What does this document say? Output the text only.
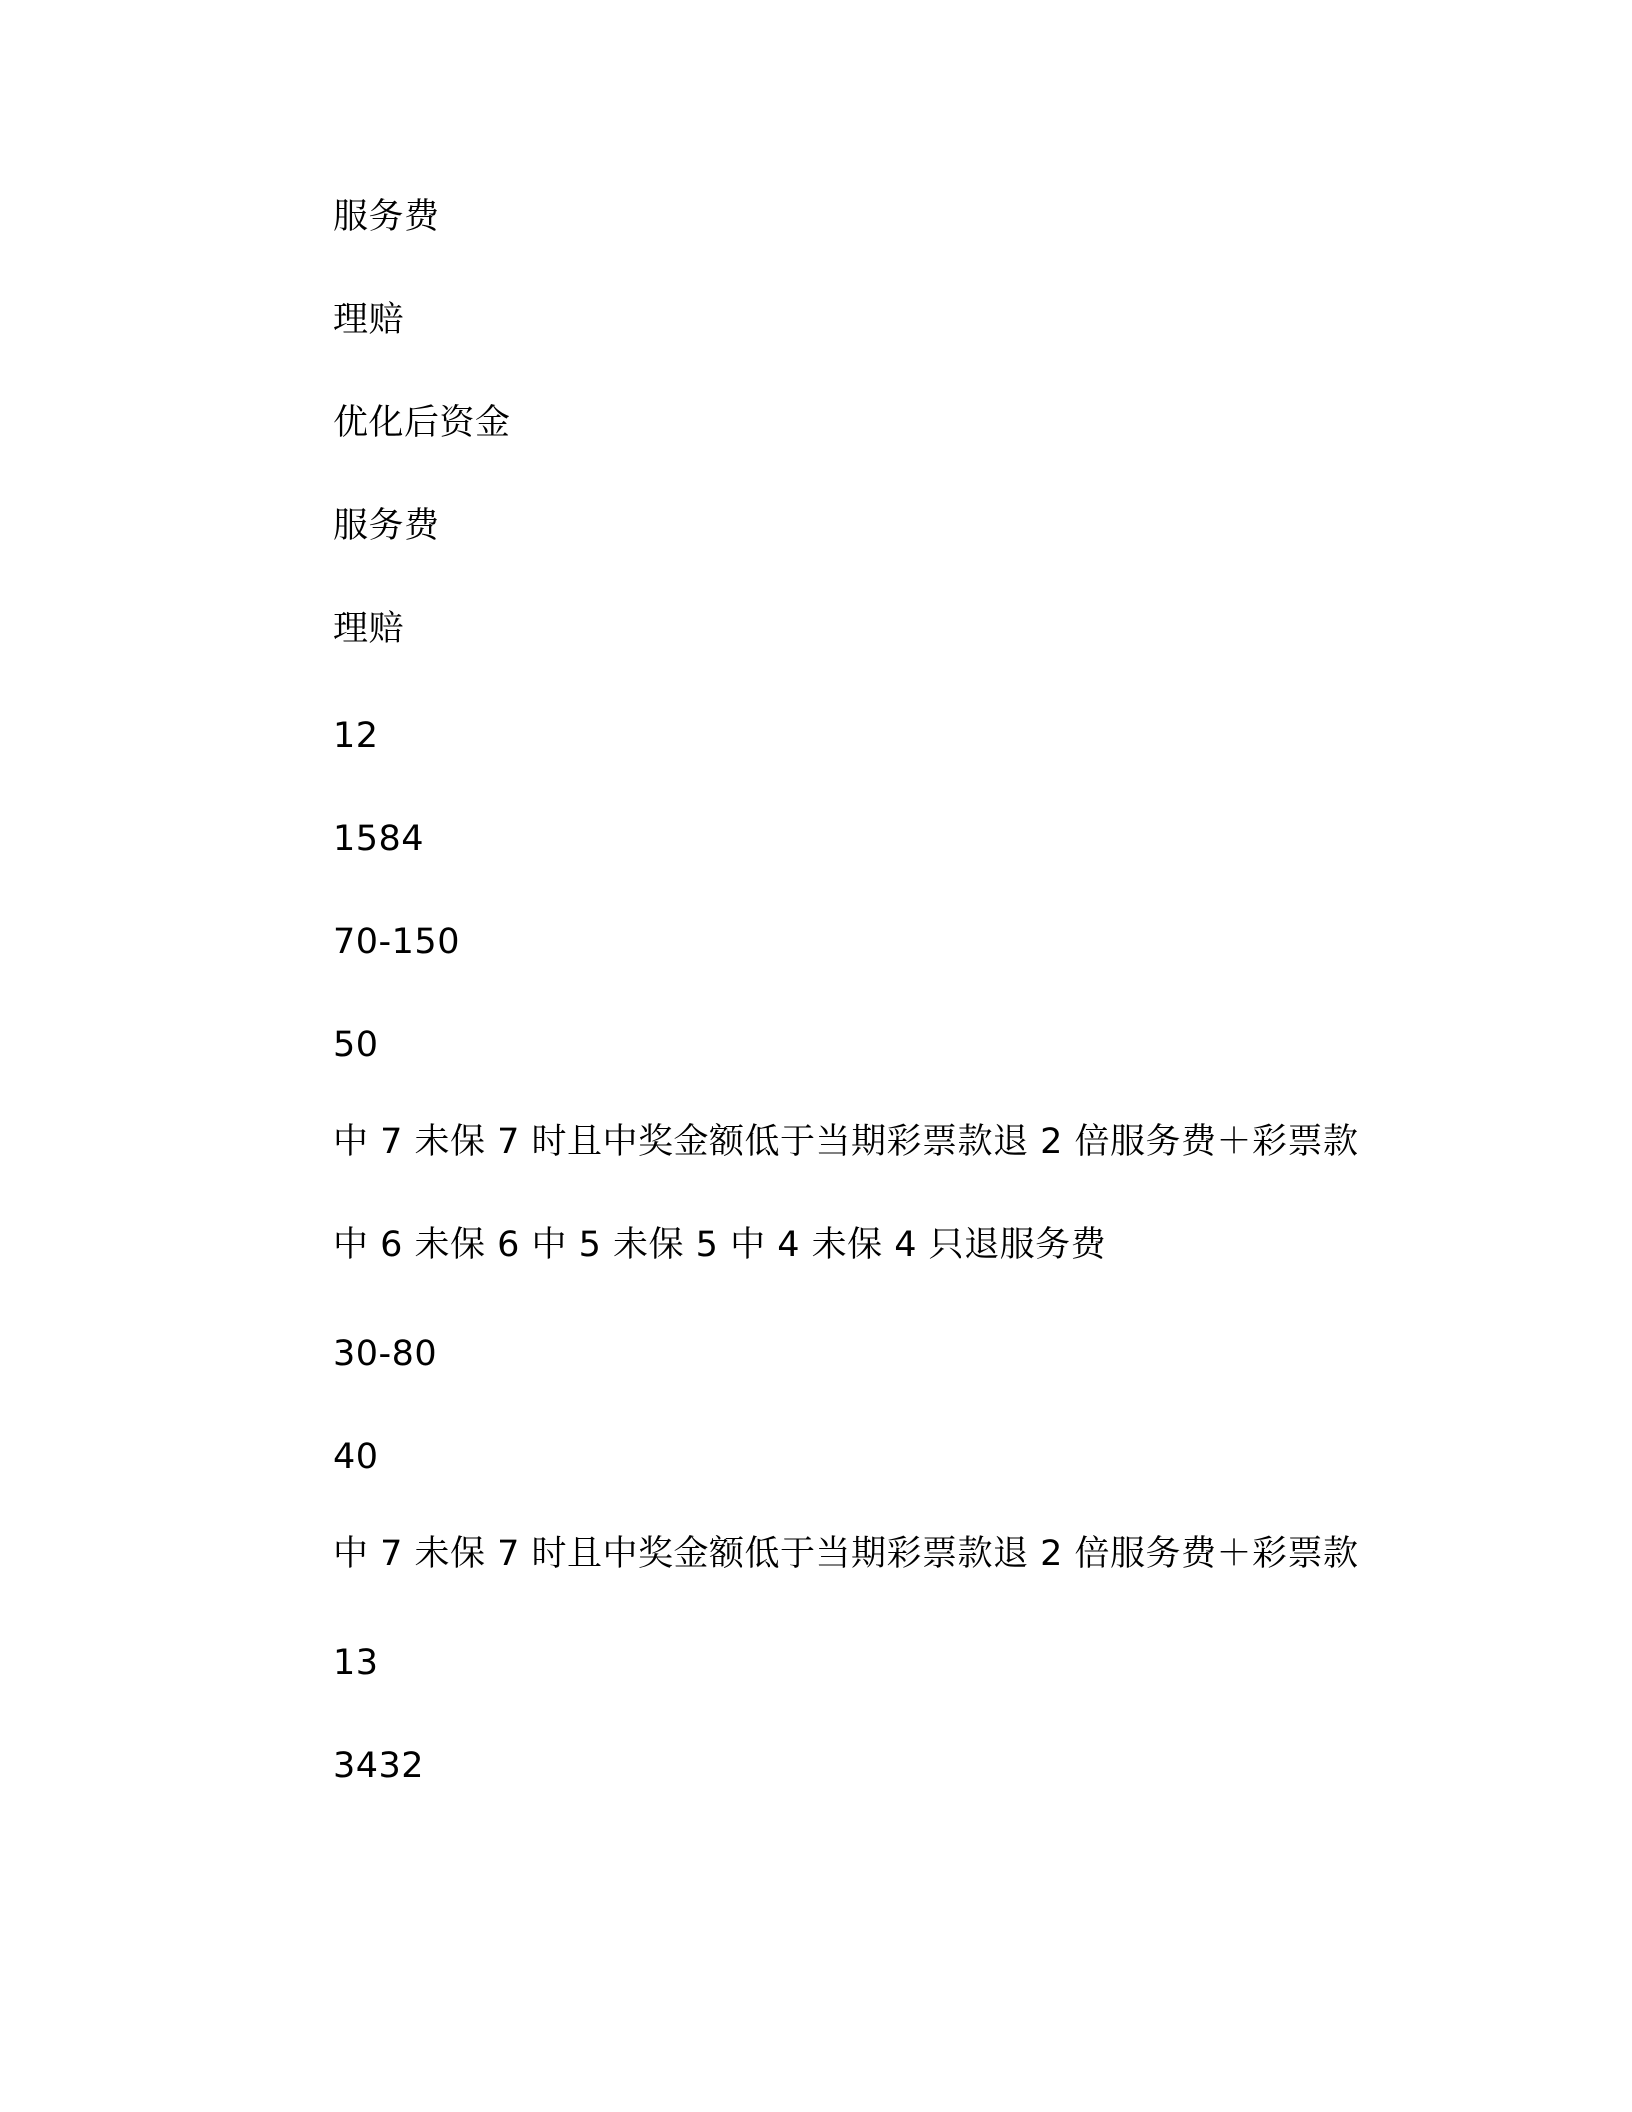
服务费
理赔
优化后资金
服务费
理赔
12
1584
70-150
50
中 7 未保 7 时且中奖金额低于当期彩票款退 2 倍服务费＋彩票款
中 6 未保 6 中 5 未保 5 中 4 未保 4 只退服务费
30-80
40
中 7 未保 7 时且中奖金额低于当期彩票款退 2 倍服务费＋彩票款
13
3432
